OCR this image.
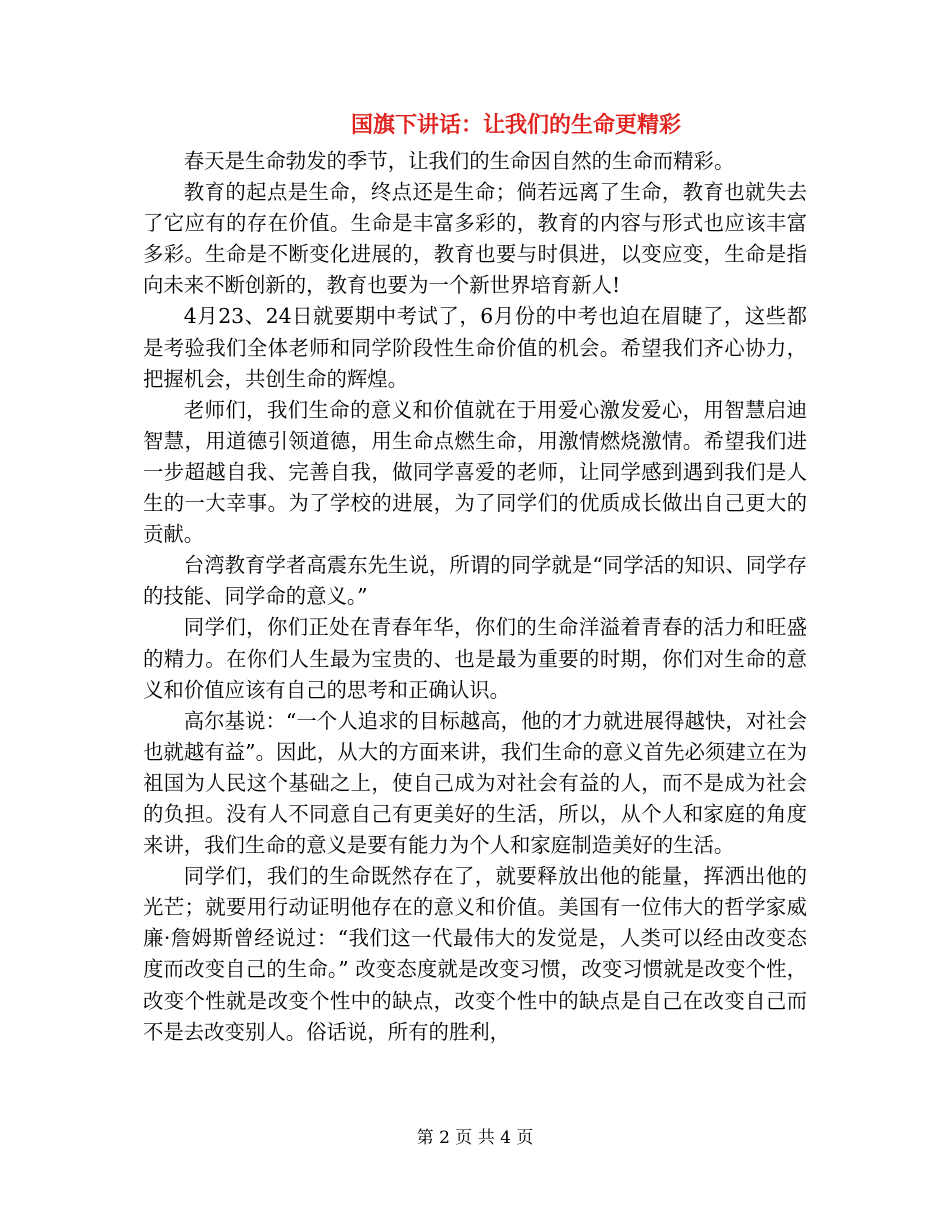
国旗下讲话：让我们的生命更精彩

春天是生命勃发的季节，让我们的生命因自然的生命而精彩。

教育的起点是生命，终点还是生命；倘若远离了生命，教育也就失去了它应有的存在价值。生命是丰富多彩的，教育的内容与形式也应该丰富多彩。生命是不断变化进展的，教育也要与时俱进，以变应变，生命是指向未来不断创新的，教育也要为一个新世界培育新人!

4月23、24日就要期中考试了，6月份的中考也迫在眉睫了，这些都是考验我们全体老师和同学阶段性生命价值的机会。希望我们齐心协力，把握机会，共创生命的辉煌。

老师们，我们生命的意义和价值就在于用爱心激发爱心，用智慧启迪智慧，用道德引领道德，用生命点燃生命，用激情燃烧激情。希望我们进一步超越自我、完善自我，做同学喜爱的老师，让同学感到遇到我们是人生的一大幸事。为了学校的进展，为了同学们的优质成长做出自己更大的贡献。

台湾教育学者高震东先生说，所谓的同学就是“同学活的知识、同学存的技能、同学命的意义。”

同学们，你们正处在青春年华，你们的生命洋溢着青春的活力和旺盛的精力。在你们人生最为宝贵的、也是最为重要的时期，你们对生命的意义和价值应该有自己的思考和正确认识。

高尔基说：“一个人追求的目标越高，他的才力就进展得越快，对社会也就越有益”。因此，从大的方面来讲，我们生命的意义首先必须建立在为祖国为人民这个基础之上，使自己成为对社会有益的人，而不是成为社会的负担。没有人不同意自己有更美好的生活，所以，从个人和家庭的角度来讲，我们生命的意义是要有能力为个人和家庭制造美好的生活。

同学们，我们的生命既然存在了，就要释放出他的能量，挥洒出他的光芒；就要用行动证明他存在的意义和价值。美国有一位伟大的哲学家威廉·詹姆斯曾经说过：“我们这一代最伟大的发觉是，人类可以经由改变态度而改变自己的生命。” 改变态度就是改变习惯，改变习惯就是改变个性，改变个性就是改变个性中的缺点，改变个性中的缺点是自己在改变自己而不是去改变别人。俗话说，所有的胜利，

第 2 页 共 4 页
